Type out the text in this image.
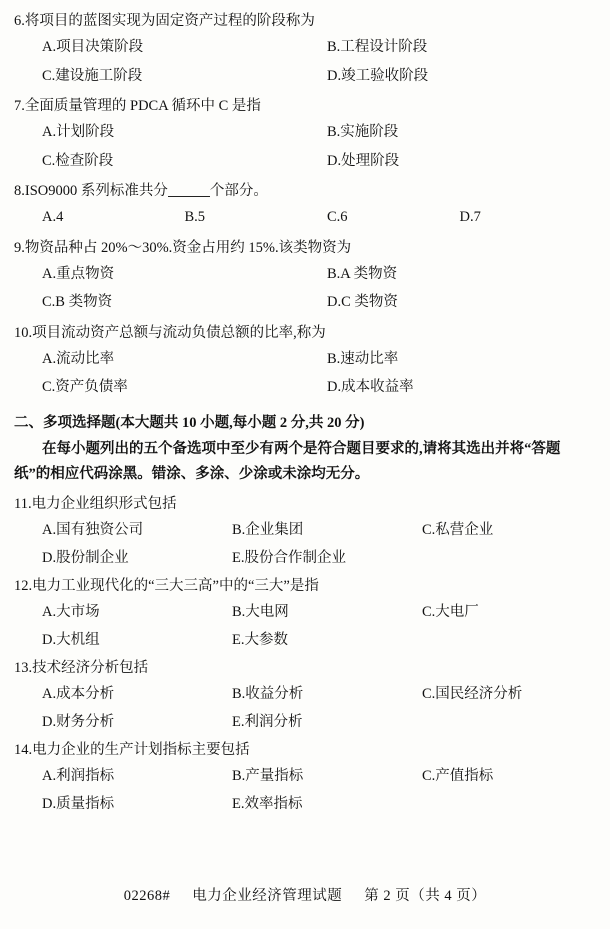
6.将项目的蓝图实现为固定资产过程的阶段称为
A.项目决策阶段	B.工程设计阶段
C.建设施工阶段	D.竣工验收阶段
7.全面质量管理的 PDCA 循环中 C 是指
A.计划阶段	B.实施阶段
C.检查阶段	D.处理阶段
8.ISO9000 系列标准共分	个部分。
A.4	B.5	C.6	D.7
9.物资品种占 20%～30%.资金占用约 15%.该类物资为
A.重点物资	B.A 类物资
C.B 类物资	D.C 类物资
10.项目流动资产总额与流动负债总额的比率,称为
A.流动比率	B.速动比率
C.资产负债率	D.成本收益率
二、多项选择题(本大题共 10 小题,每小题 2 分,共 20 分)
在每小题列出的五个备选项中至少有两个是符合题目要求的,请将其选出并将“答题纸”的相应代码涂黑。错涂、多涂、少涂或未涂均无分。
11.电力企业组织形式包括
A.国有独资公司	B.企业集团	C.私营企业
D.股份制企业	E.股份合作制企业
12.电力工业现代化的“三大三高”中的“三大”是指
A.大市场	B.大电网	C.大电厂
D.大机组	E.大参数
13.技术经济分析包括
A.成本分析	B.收益分析	C.国民经济分析
D.财务分析	E.利润分析
14.电力企业的生产计划指标主要包括
A.利润指标	B.产量指标	C.产值指标
D.质量指标	E.效率指标
02268# 电力企业经济管理试题 第 2 页（共 4 页）
